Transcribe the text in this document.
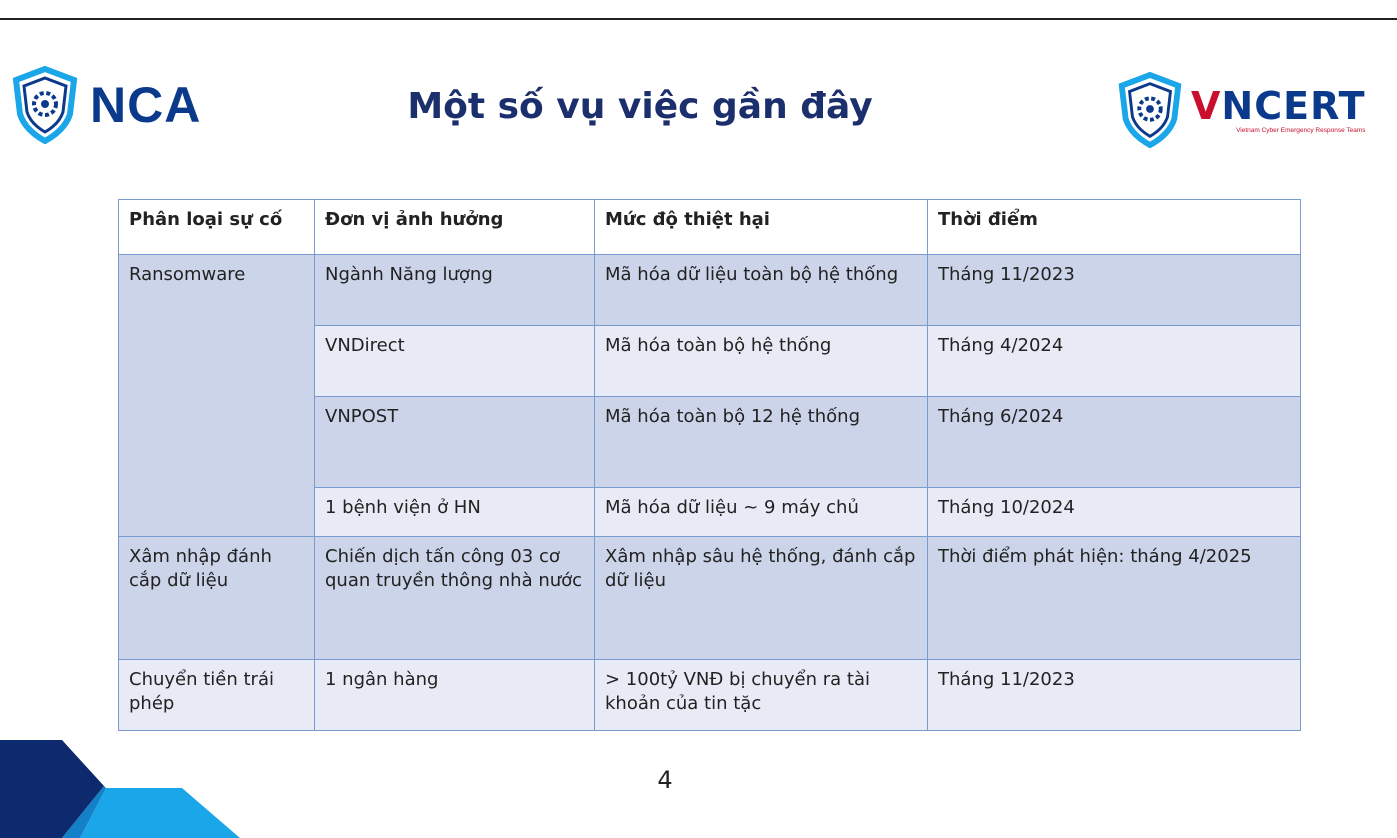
NCA	Một số vụ việc gần đây	VNCERT
Vietnam Cyber Emergency Response Teams
Phân loại sự cố	Đơn vị ảnh hưởng	Mức độ thiệt hại	Thời điểm
Ransomware	Ngành Năng lượng	Mã hóa dữ liệu toàn bộ hệ thống	Tháng 11/2023
	VNDirect	Mã hóa toàn bộ hệ thống	Tháng 4/2024
	VNPOST	Mã hóa toàn bộ 12 hệ thống	Tháng 6/2024
	1 bệnh viện ở HN	Mã hóa dữ liệu ~ 9 máy chủ	Tháng 10/2024
Xâm nhập đánh cắp dữ liệu	Chiến dịch tấn công 03 cơ quan truyền thông nhà nước	Xâm nhập sâu hệ thống, đánh cắp dữ liệu	Thời điểm phát hiện: tháng 4/2025
Chuyển tiền trái phép	1 ngân hàng	> 100tỷ VNĐ bị chuyển ra tài khoản của tin tặc	Tháng 11/2023
4
